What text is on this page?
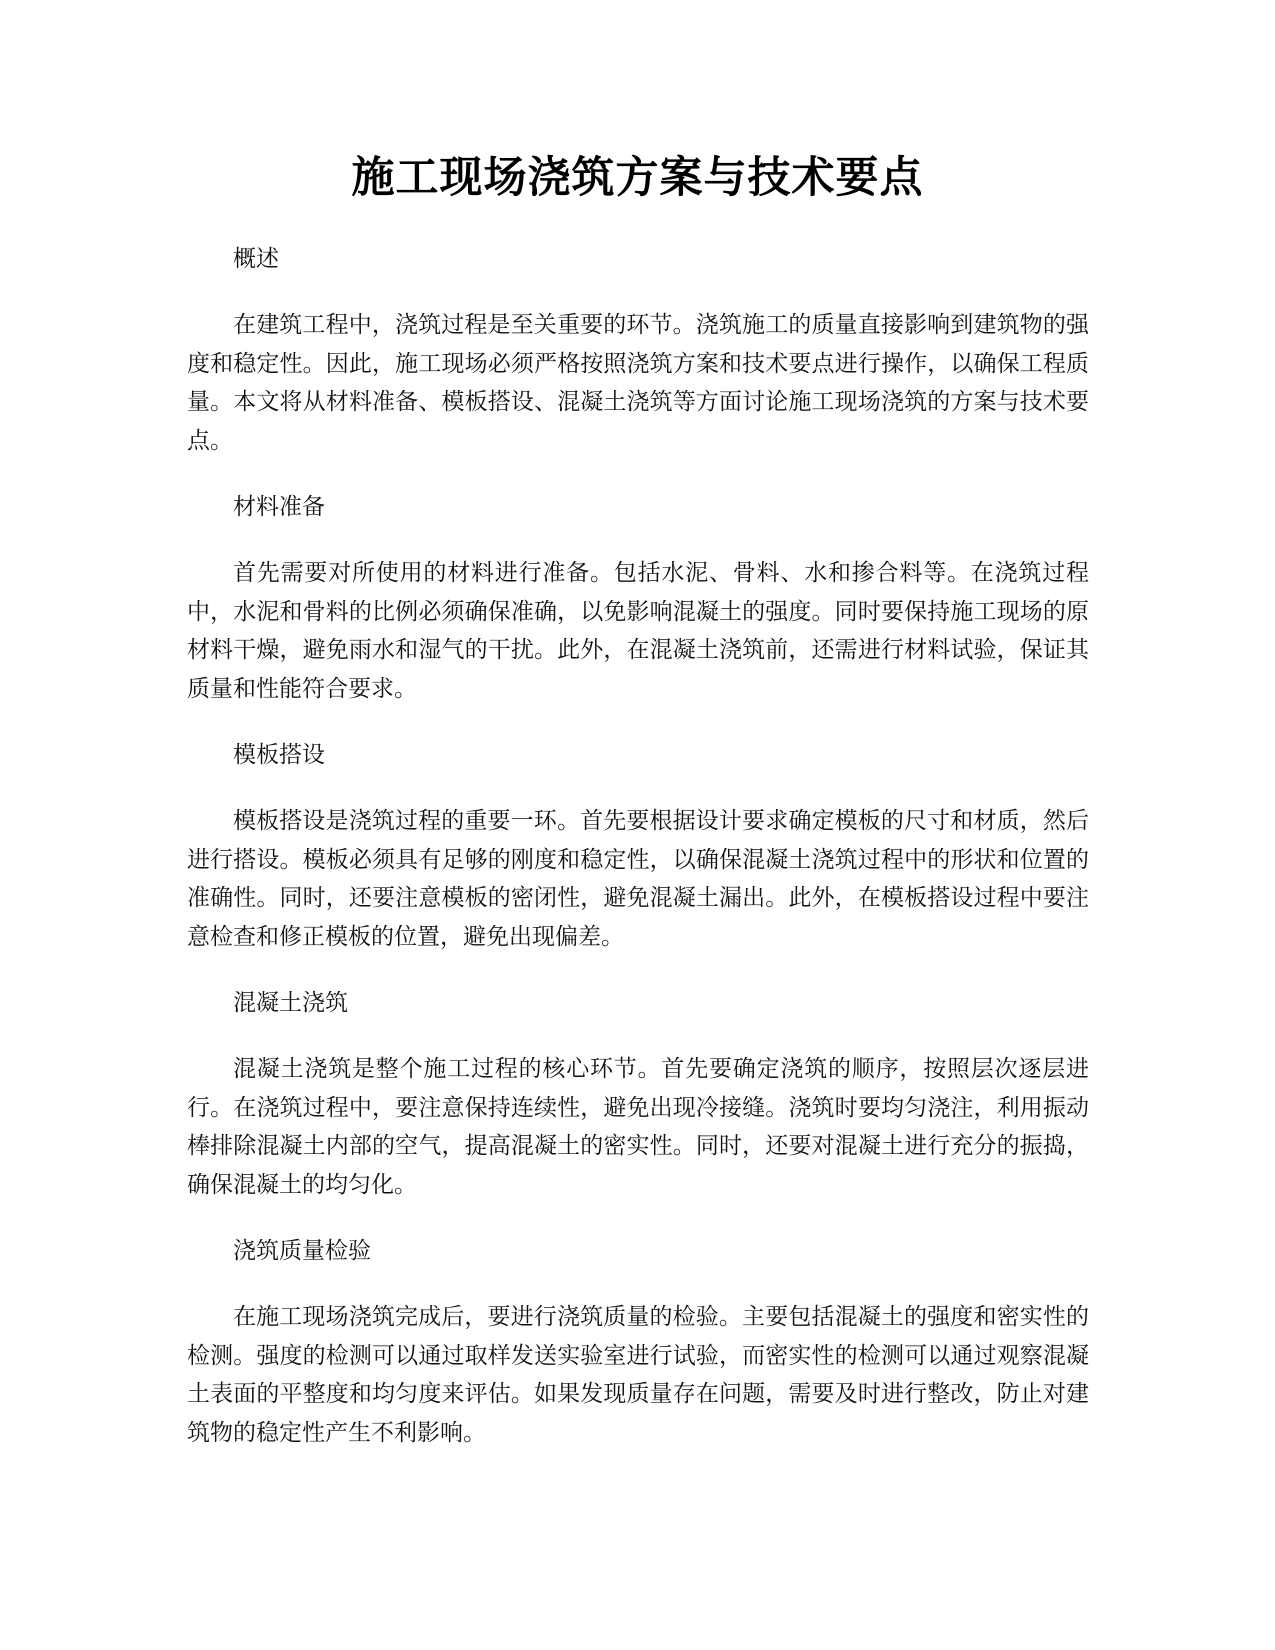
施工现场浇筑方案与技术要点

概述

在建筑工程中，浇筑过程是至关重要的环节。浇筑施工的质量直接影响到建筑物的强度和稳定性。因此，施工现场必须严格按照浇筑方案和技术要点进行操作，以确保工程质量。本文将从材料准备、模板搭设、混凝土浇筑等方面讨论施工现场浇筑的方案与技术要点。

材料准备

首先需要对所使用的材料进行准备。包括水泥、骨料、水和掺合料等。在浇筑过程中，水泥和骨料的比例必须确保准确，以免影响混凝土的强度。同时要保持施工现场的原材料干燥，避免雨水和湿气的干扰。此外，在混凝土浇筑前，还需进行材料试验，保证其质量和性能符合要求。

模板搭设

模板搭设是浇筑过程的重要一环。首先要根据设计要求确定模板的尺寸和材质，然后进行搭设。模板必须具有足够的刚度和稳定性，以确保混凝土浇筑过程中的形状和位置的准确性。同时，还要注意模板的密闭性，避免混凝土漏出。此外，在模板搭设过程中要注意检查和修正模板的位置，避免出现偏差。

混凝土浇筑

混凝土浇筑是整个施工过程的核心环节。首先要确定浇筑的顺序，按照层次逐层进行。在浇筑过程中，要注意保持连续性，避免出现冷接缝。浇筑时要均匀浇注，利用振动棒排除混凝土内部的空气，提高混凝土的密实性。同时，还要对混凝土进行充分的振捣，确保混凝土的均匀化。

浇筑质量检验

在施工现场浇筑完成后，要进行浇筑质量的检验。主要包括混凝土的强度和密实性的检测。强度的检测可以通过取样发送实验室进行试验，而密实性的检测可以通过观察混凝土表面的平整度和均匀度来评估。如果发现质量存在问题，需要及时进行整改，防止对建筑物的稳定性产生不利影响。
